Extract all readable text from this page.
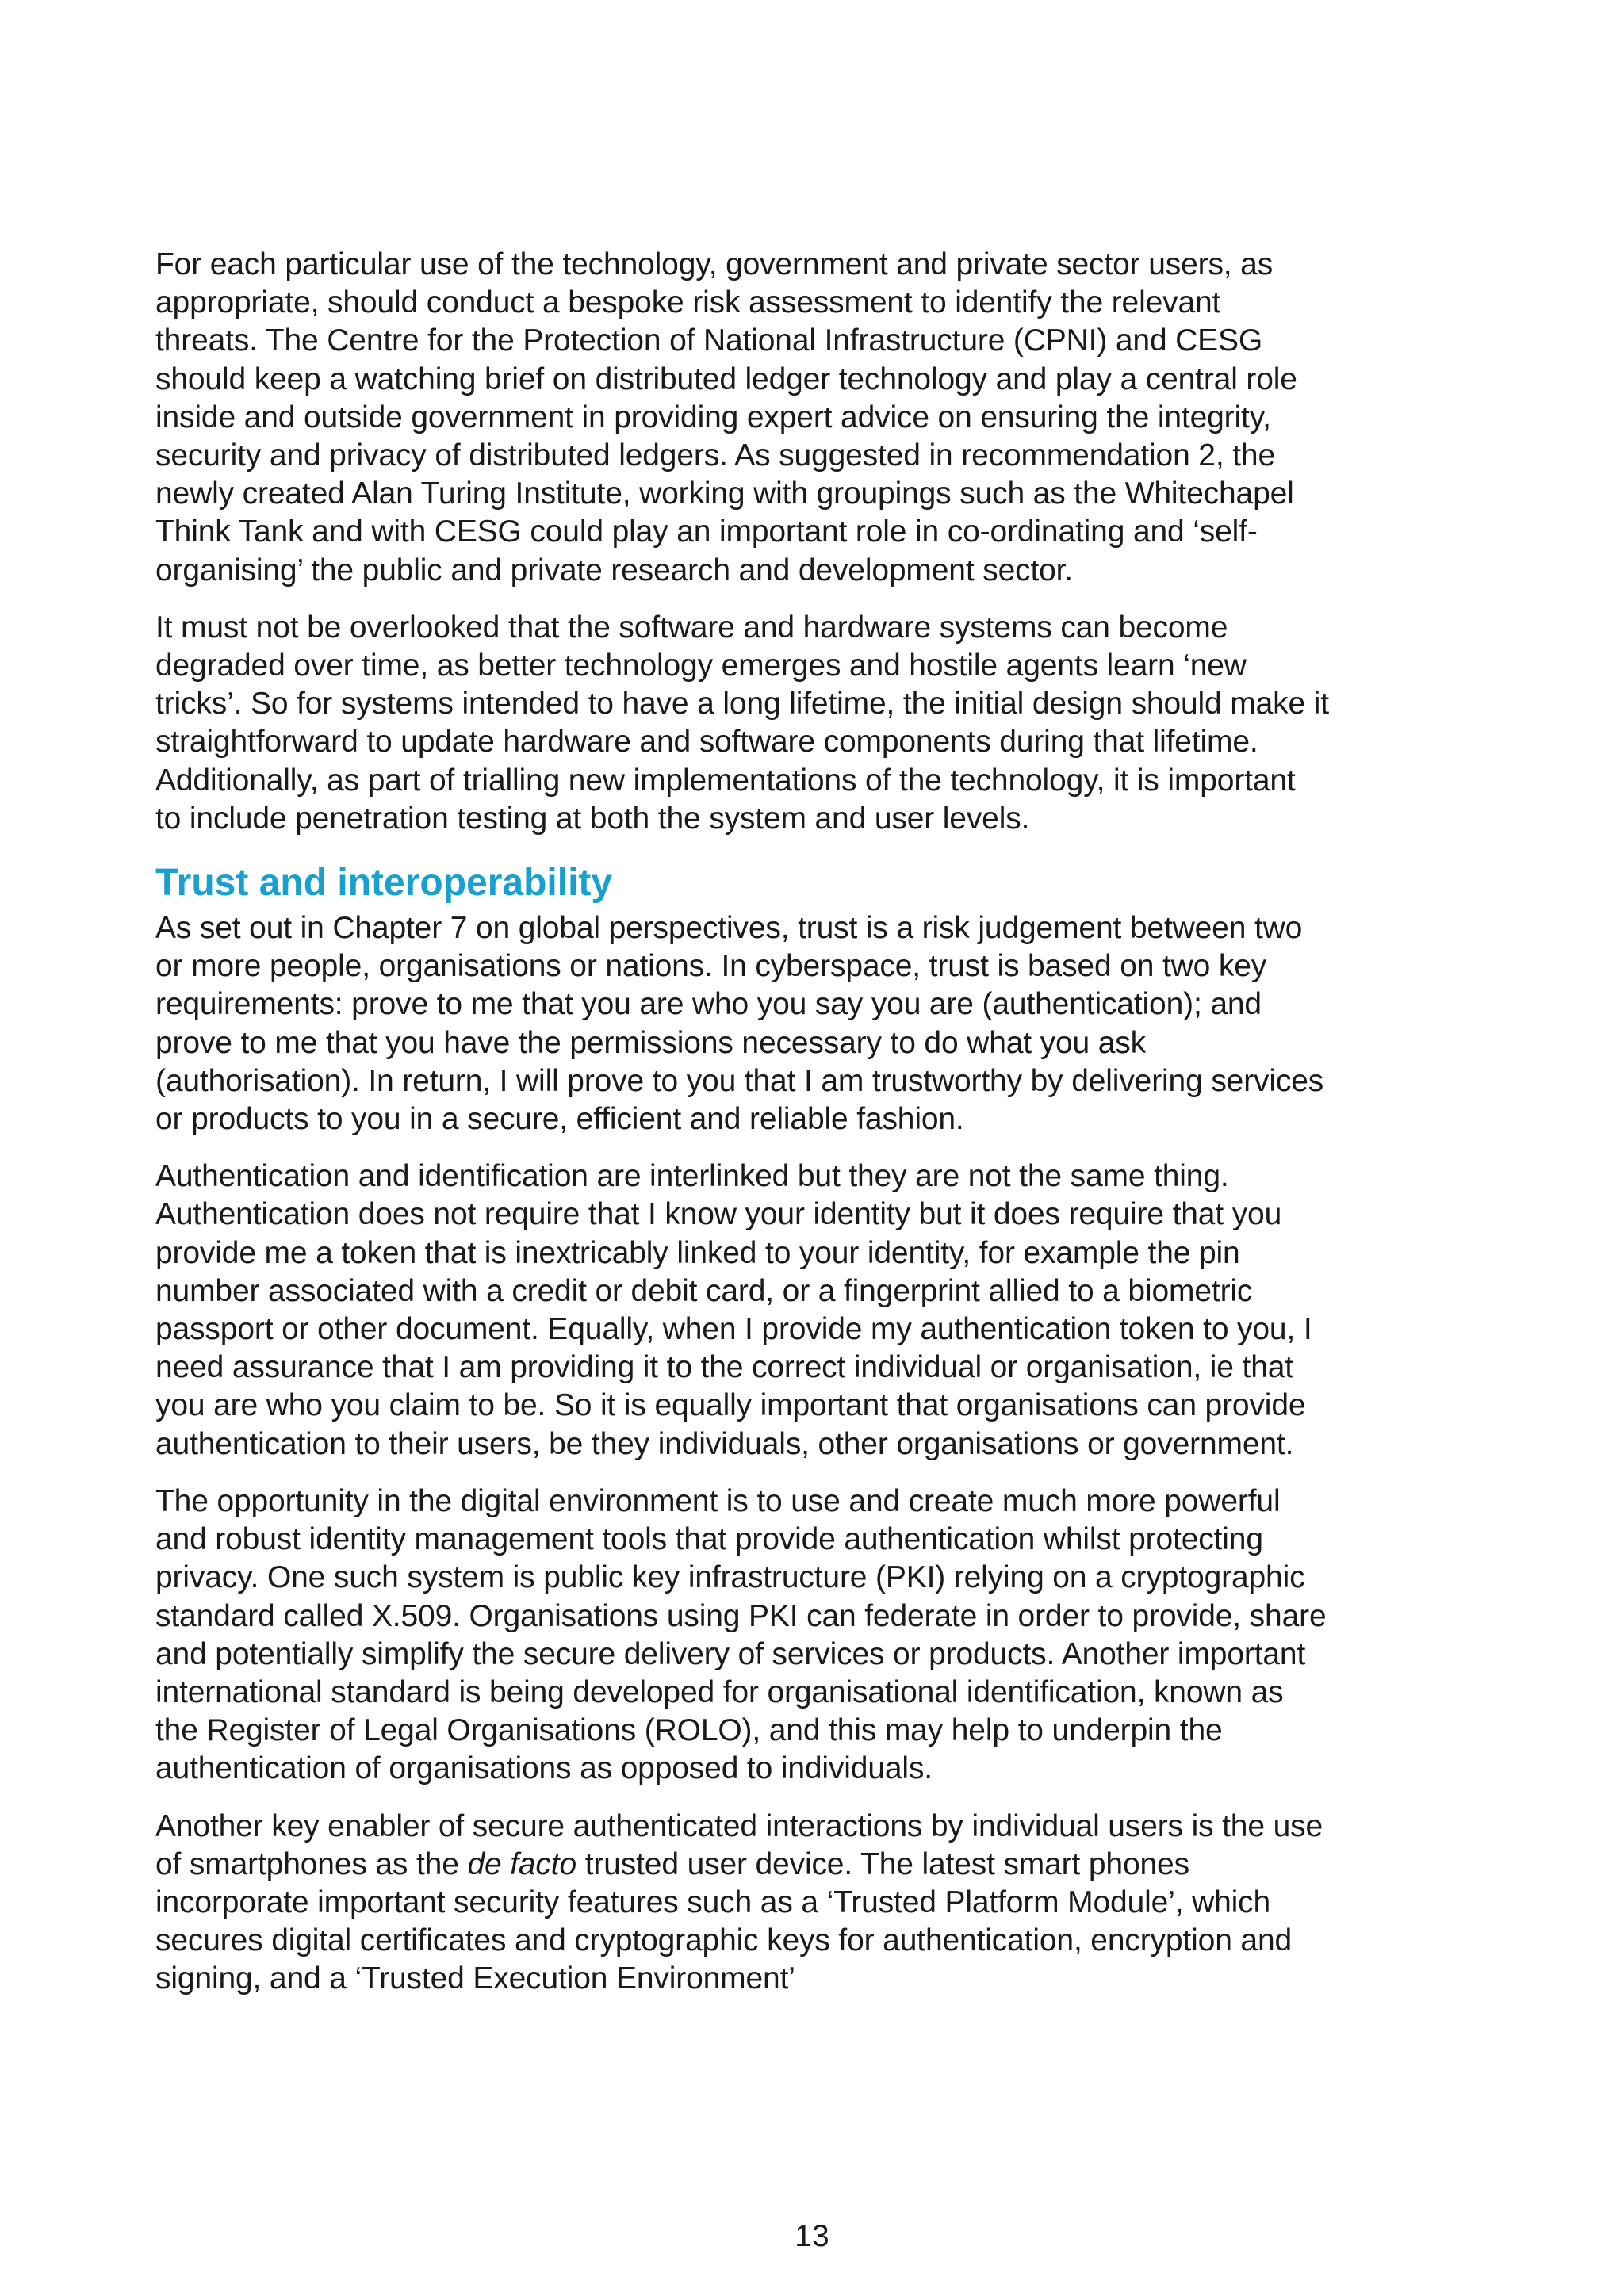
For each particular use of the technology, government and private sector users, as appropriate, should conduct a bespoke risk assessment to identify the relevant threats. The Centre for the Protection of National Infrastructure (CPNI) and CESG should keep a watching brief on distributed ledger technology and play a central role inside and outside government in providing expert advice on ensuring the integrity, security and privacy of distributed ledgers. As suggested in recommendation 2, the newly created Alan Turing Institute, working with groupings such as the Whitechapel Think Tank and with CESG could play an important role in co-ordinating and ‘self-organising’ the public and private research and development sector.

It must not be overlooked that the software and hardware systems can become degraded over time, as better technology emerges and hostile agents learn ‘new tricks’. So for systems intended to have a long lifetime, the initial design should make it straightforward to update hardware and software components during that lifetime. Additionally, as part of trialling new implementations of the technology, it is important to include penetration testing at both the system and user levels.

Trust and interoperability

As set out in Chapter 7 on global perspectives, trust is a risk judgement between two or more people, organisations or nations. In cyberspace, trust is based on two key requirements: prove to me that you are who you say you are (authentication); and prove to me that you have the permissions necessary to do what you ask (authorisation). In return, I will prove to you that I am trustworthy by delivering services or products to you in a secure, efficient and reliable fashion.

Authentication and identification are interlinked but they are not the same thing. Authentication does not require that I know your identity but it does require that you provide me a token that is inextricably linked to your identity, for example the pin number associated with a credit or debit card, or a fingerprint allied to a biometric passport or other document. Equally, when I provide my authentication token to you, I need assurance that I am providing it to the correct individual or organisation, ie that you are who you claim to be. So it is equally important that organisations can provide authentication to their users, be they individuals, other organisations or government.

The opportunity in the digital environment is to use and create much more powerful and robust identity management tools that provide authentication whilst protecting privacy. One such system is public key infrastructure (PKI) relying on a cryptographic standard called X.509. Organisations using PKI can federate in order to provide, share and potentially simplify the secure delivery of services or products. Another important international standard is being developed for organisational identification, known as the Register of Legal Organisations (ROLO), and this may help to underpin the authentication of organisations as opposed to individuals.

Another key enabler of secure authenticated interactions by individual users is the use of smartphones as the de facto trusted user device. The latest smart phones incorporate important security features such as a ‘Trusted Platform Module’, which secures digital certificates and cryptographic keys for authentication, encryption and signing, and a ‘Trusted Execution Environment’

13
